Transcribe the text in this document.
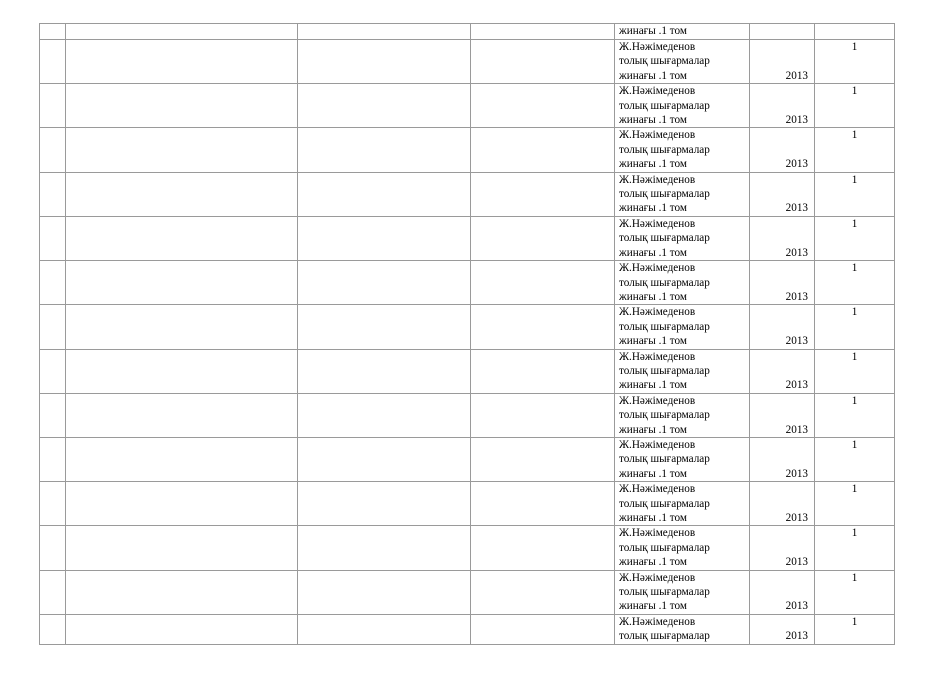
				жинағы .1 том		

				Ж.Нәжімеденов
толық шығармалар
жинағы .1 том	2013	1

				Ж.Нәжімеденов
толық шығармалар
жинағы .1 том	2013	1

				Ж.Нәжімеденов
толық шығармалар
жинағы .1 том	2013	1

				Ж.Нәжімеденов
толық шығармалар
жинағы .1 том	2013	1

				Ж.Нәжімеденов
толық шығармалар
жинағы .1 том	2013	1

				Ж.Нәжімеденов
толық шығармалар
жинағы .1 том	2013	1

				Ж.Нәжімеденов
толық шығармалар
жинағы .1 том	2013	1

				Ж.Нәжімеденов
толық шығармалар
жинағы .1 том	2013	1

				Ж.Нәжімеденов
толық шығармалар
жинағы .1 том	2013	1

				Ж.Нәжімеденов
толық шығармалар
жинағы .1 том	2013	1

				Ж.Нәжімеденов
толық шығармалар
жинағы .1 том	2013	1

				Ж.Нәжімеденов
толық шығармалар
жинағы .1 том	2013	1

				Ж.Нәжімеденов
толық шығармалар
жинағы .1 том	2013	1

				Ж.Нәжімеденов
толық шығармалар	2013	1
